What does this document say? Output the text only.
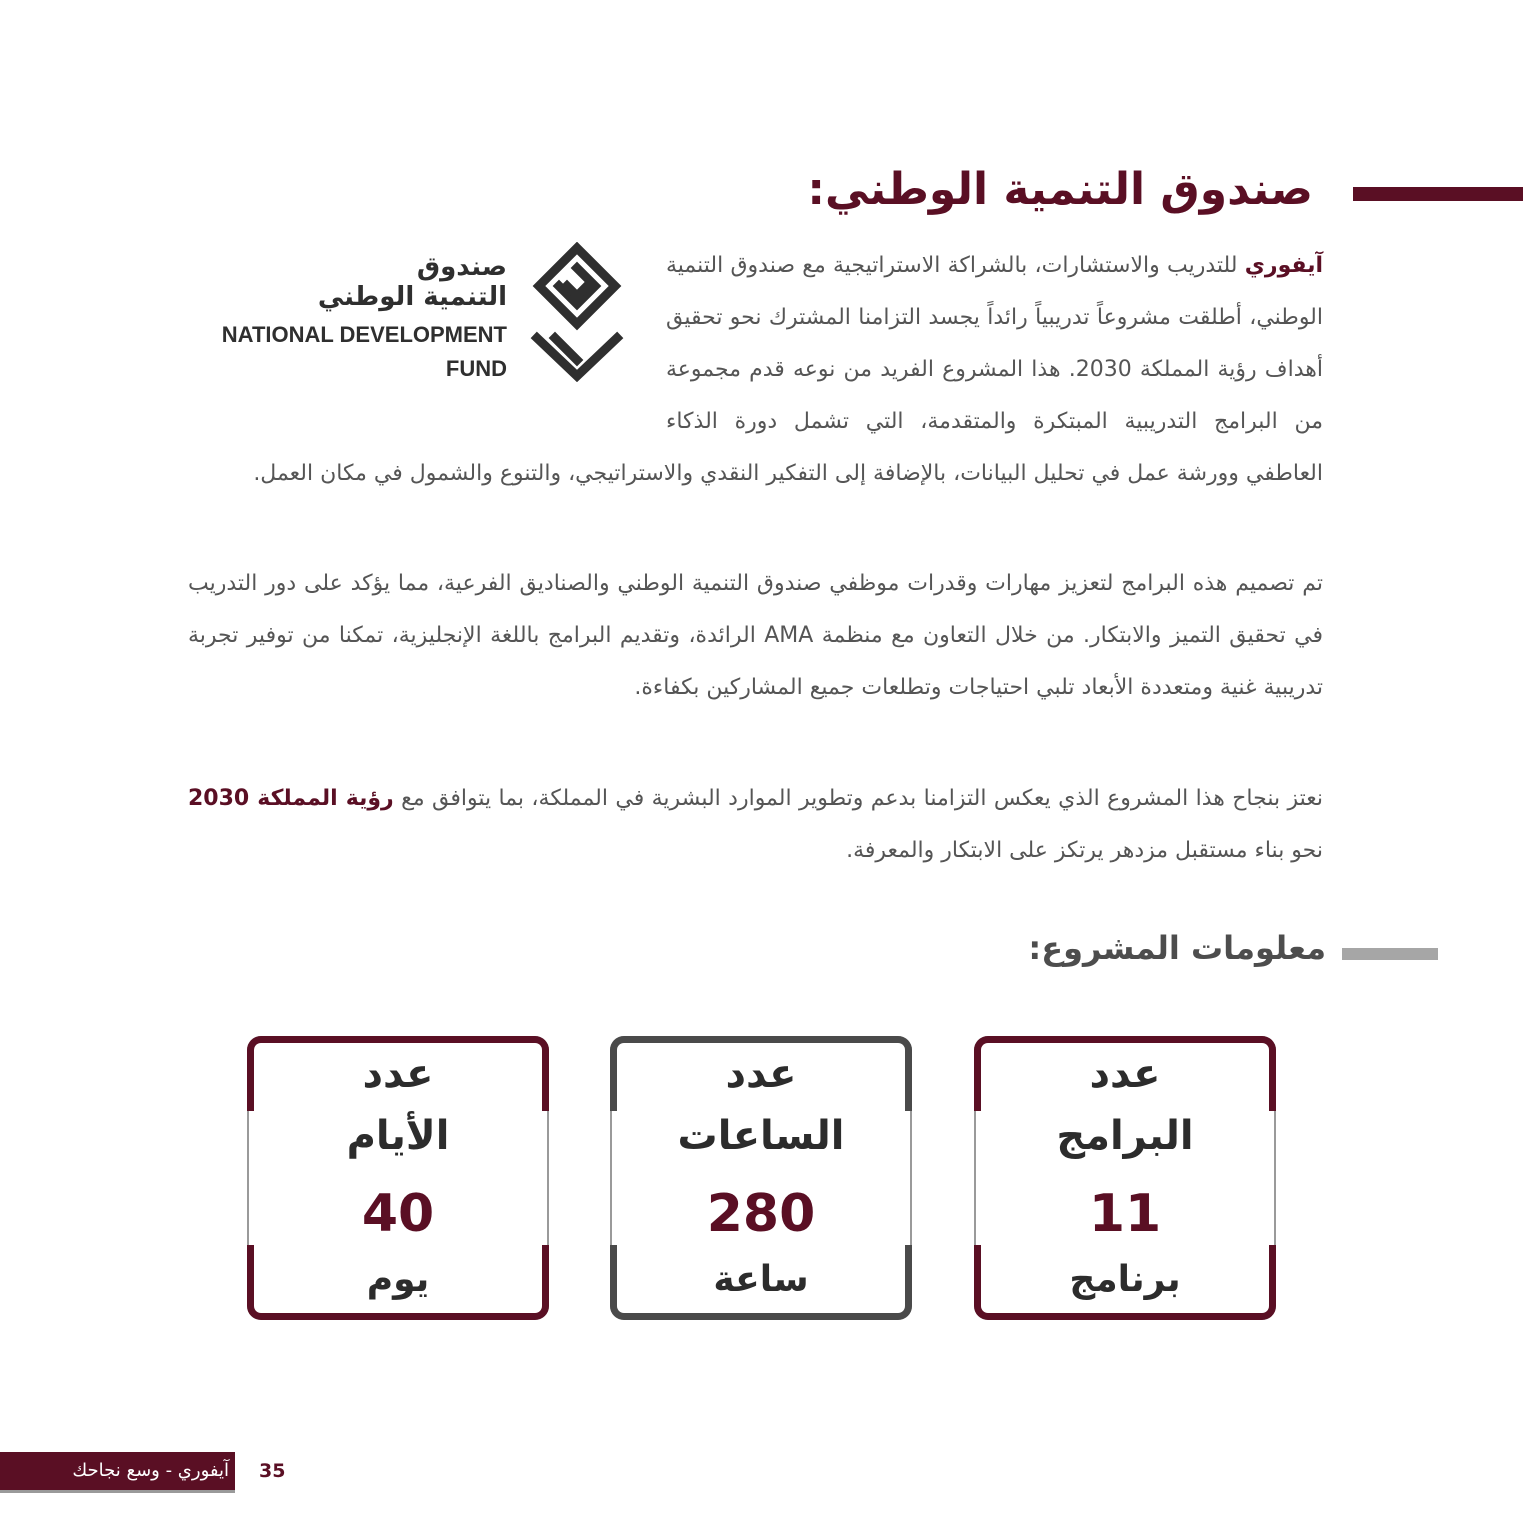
صندوق التنمية الوطني:
صندوق
التنمية الوطني
NATIONAL DEVELOPMENT
FUND

آيفوري للتدريب والاستشارات، بالشراكة الاستراتيجية مع صندوق التنمية الوطني، أطلقت مشروعاً تدريبياً رائداً يجسد التزامنا المشترك نحو تحقيق أهداف رؤية المملكة 2030. هذا المشروع الفريد من نوعه قدم مجموعة من البرامج التدريبية المبتكرة والمتقدمة، التي تشمل دورة الذكاء العاطفي وورشة عمل في تحليل البيانات، بالإضافة إلى التفكير النقدي والاستراتيجي، والتنوع والشمول في مكان العمل.

تم تصميم هذه البرامج لتعزيز مهارات وقدرات موظفي صندوق التنمية الوطني والصناديق الفرعية، مما يؤكد على دور التدريب في تحقيق التميز والابتكار. من خلال التعاون مع منظمة AMA الرائدة، وتقديم البرامج باللغة الإنجليزية، تمكنا من توفير تجربة تدريبية غنية ومتعددة الأبعاد تلبي احتياجات وتطلعات جميع المشاركين بكفاءة.

نعتز بنجاح هذا المشروع الذي يعكس التزامنا بدعم وتطوير الموارد البشرية في المملكة، بما يتوافق مع رؤية المملكة 2030 نحو بناء مستقبل مزدهر يرتكز على الابتكار والمعرفة.

معلومات المشروع:
عدد
الأيام
40
يوم
عدد
الساعات
280
ساعة
عدد
البرامج
11
برنامج
آيفوري - وسع نجاحك 35
